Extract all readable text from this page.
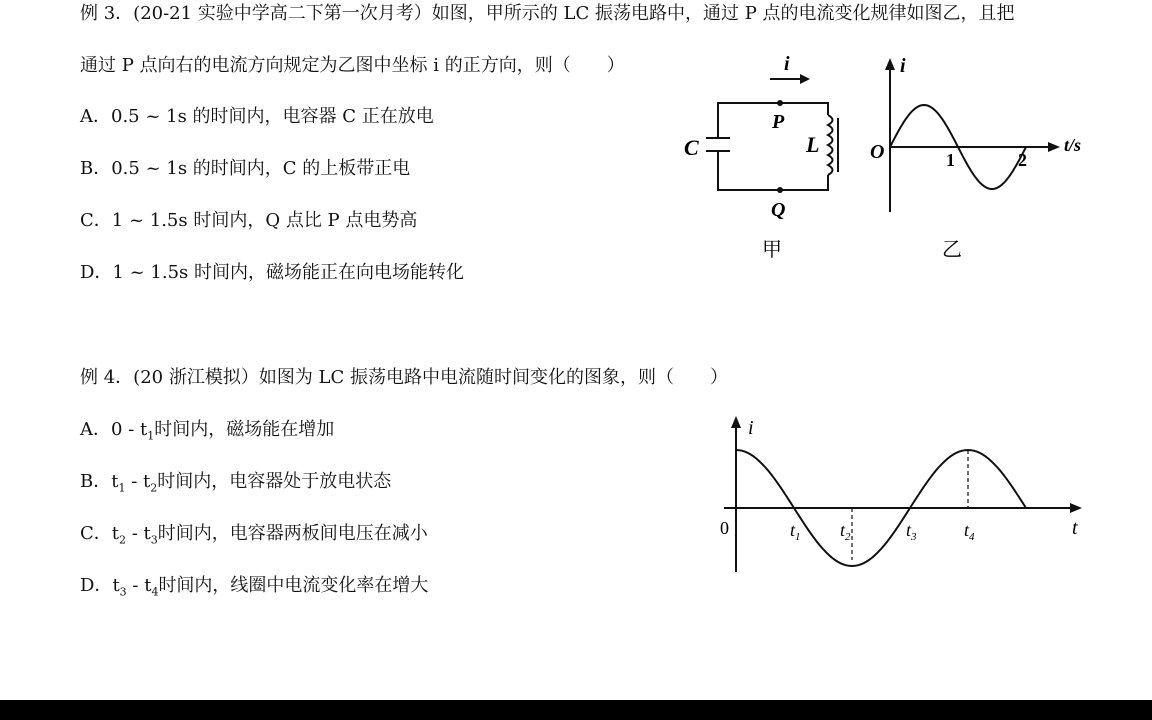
例 3．(20-21 实验中学高二下第一次月考）如图，甲所示的 LC 振荡电路中，通过 P 点的电流变化规律如图乙，且把
通过 P 点向右的电流方向规定为乙图中坐标 i 的正方向，则（　　）
A．0.5 ~ 1s 的时间内，电容器 C 正在放电
B．0.5 ~ 1s 的时间内，C 的上板带正电
C．1 ~ 1.5s 时间内，Q 点比 P 点电势高
D．1 ~ 1.5s 时间内，磁场能正在向电场能转化
i
C	L
P
Q
甲
i
t/s
O	1	2
乙
例 4．(20 浙江模拟）如图为 LC 振荡电路中电流随时间变化的图象，则（　　）
A．$0 - t_1$时间内，磁场能在增加
B．$t_1 - t_2$时间内，电容器处于放电状态
C．$t_2 - t_3$时间内，电容器两板间电压在减小
D．$t_3 - t_4$时间内，线圈中电流变化率在增大
i
t
0	$t_1$ $t_2$	$t_3$	$t_4$
